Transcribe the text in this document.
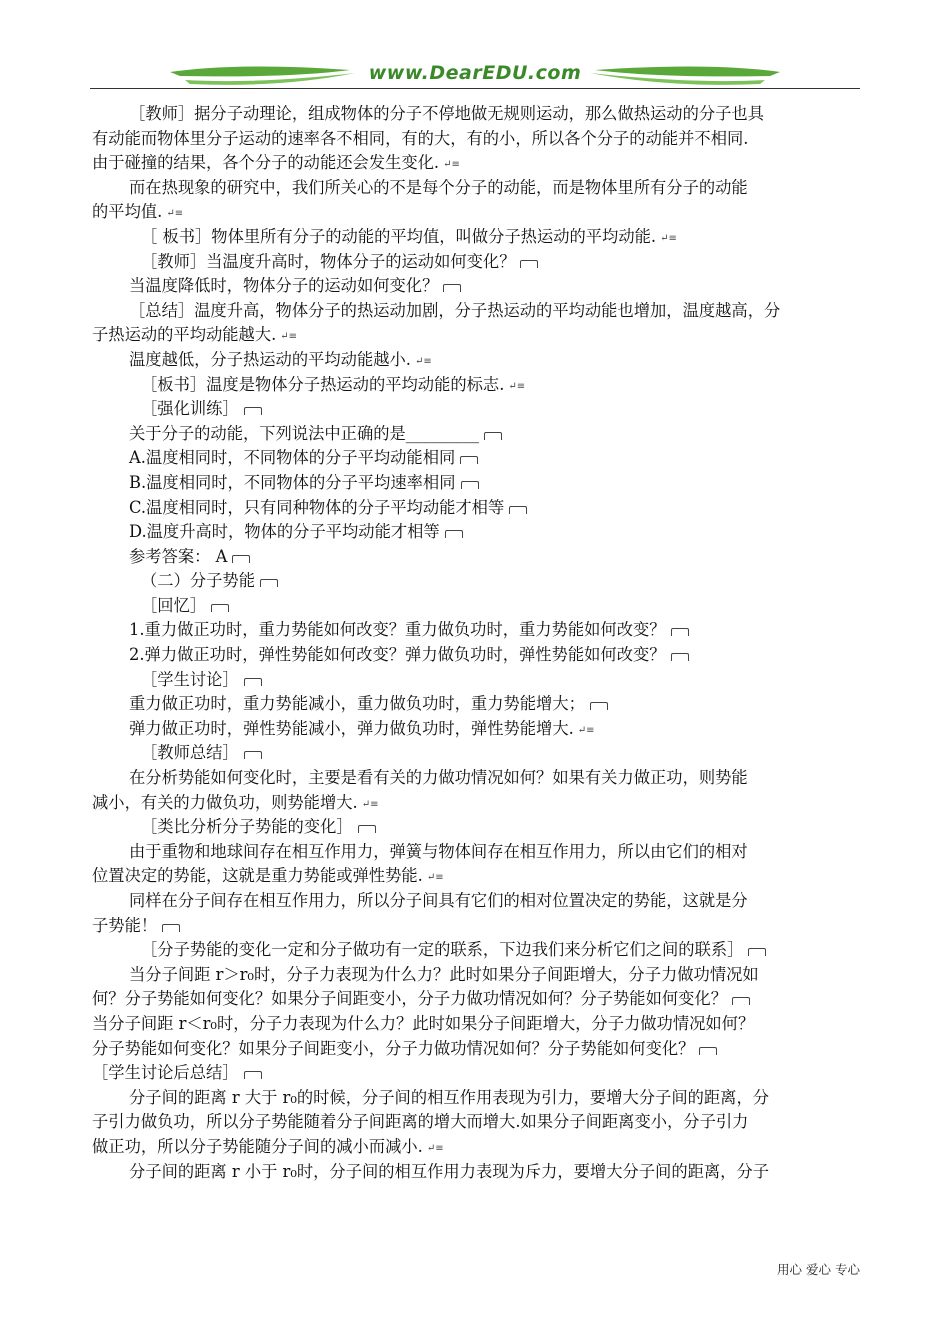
www.DearEDU.com
［教师］据分子动理论，组成物体的分子不停地做无规则运动，那么做热运动的分子也具
有动能而物体里分子运动的速率各不相同，有的大，有的小，所以各个分子的动能并不相同.
由于碰撞的结果，各个分子的动能还会发生变化. ↵≡
而在热现象的研究中，我们所关心的不是每个分子的动能，而是物体里所有分子的动能
的平均值. ↵≡
［ 板书］物体里所有分子的动能的平均值，叫做分子热运动的平均动能. ↵≡
［教师］当温度升高时，物体分子的运动如何变化？
当温度降低时，物体分子的运动如何变化？
［总结］温度升高，物体分子的热运动加剧，分子热运动的平均动能也增加，温度越高，分
子热运动的平均动能越大. ↵≡
温度越低，分子热运动的平均动能越小. ↵≡
［板书］温度是物体分子热运动的平均动能的标志. ↵≡
［强化训练］
关于分子的动能，下列说法中正确的是_________
A.温度相同时，不同物体的分子平均动能相同
B.温度相同时，不同物体的分子平均速率相同
C.温度相同时，只有同种物体的分子平均动能才相等
D.温度升高时，物体的分子平均动能才相等
参考答案： A
（二）分子势能
［回忆］
1.重力做正功时，重力势能如何改变？重力做负功时，重力势能如何改变？
2.弹力做正功时，弹性势能如何改变？弹力做负功时，弹性势能如何改变？
［学生讨论］
重力做正功时，重力势能减小，重力做负功时，重力势能增大；
弹力做正功时，弹性势能减小，弹力做负功时，弹性势能增大. ↵≡
［教师总结］
在分析势能如何变化时，主要是看有关的力做功情况如何？如果有关力做正功，则势能
减小，有关的力做负功，则势能增大. ↵≡
［类比分析分子势能的变化］
由于重物和地球间存在相互作用力，弹簧与物体间存在相互作用力，所以由它们的相对
位置决定的势能，这就是重力势能或弹性势能. ↵≡
同样在分子间存在相互作用力，所以分子间具有它们的相对位置决定的势能，这就是分
子势能！
［分子势能的变化一定和分子做功有一定的联系，下边我们来分析它们之间的联系］
当分子间距 r＞r₀时，分子力表现为什么力？此时如果分子间距增大，分子力做功情况如
何？分子势能如何变化？如果分子间距变小，分子力做功情况如何？分子势能如何变化？
当分子间距 r＜r₀时，分子力表现为什么力？此时如果分子间距增大，分子力做功情况如何？
分子势能如何变化？如果分子间距变小，分子力做功情况如何？分子势能如何变化？
［学生讨论后总结］
分子间的距离 r 大于 r₀的时候，分子间的相互作用表现为引力，要增大分子间的距离，分
子引力做负功，所以分子势能随着分子间距离的增大而增大.如果分子间距离变小，分子引力
做正功，所以分子势能随分子间的减小而减小. ↵≡
分子间的距离 r 小于 r₀时，分子间的相互作用力表现为斥力，要增大分子间的距离，分子
用心 爱心 专心
